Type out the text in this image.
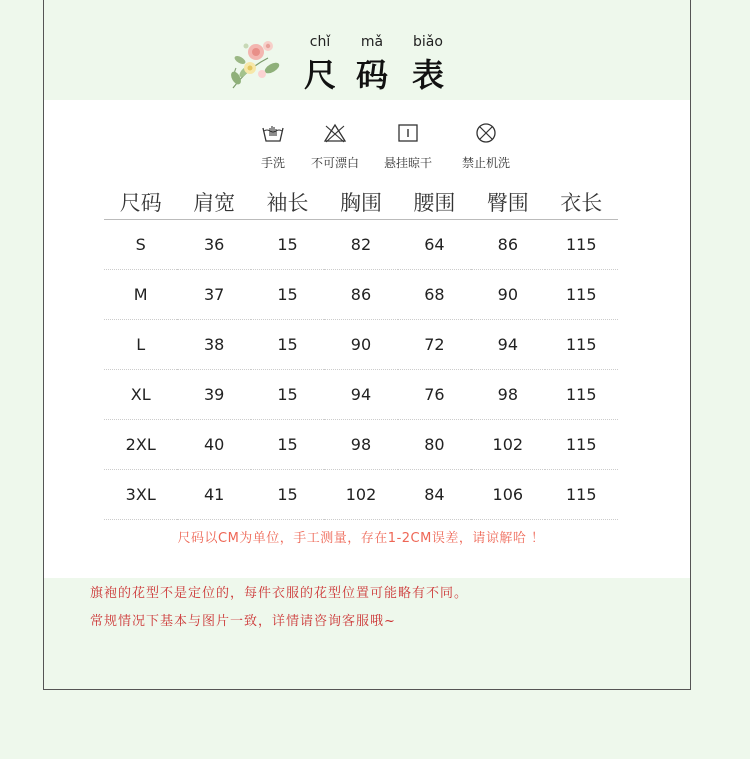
chǐ	mǎ	biǎo
尺 码 表
手洗	不可漂白	悬挂晾干	禁止机洗
尺码	肩宽	袖长	胸围	腰围	臀围	衣长
S	36	15	82	64	86	115
M	37	15	86	68	90	115
L	38	15	90	72	94	115
XL	39	15	94	76	98	115
2XL	40	15	98	80	102	115
3XL	41	15	102	84	106	115
尺码以CM为单位，手工测量，存在1-2CM误差，请谅解哈 ！
旗袍的花型不是定位的，每件衣服的花型位置可能略有不同。
常规情况下基本与图片一致，详情请咨询客服哦~
